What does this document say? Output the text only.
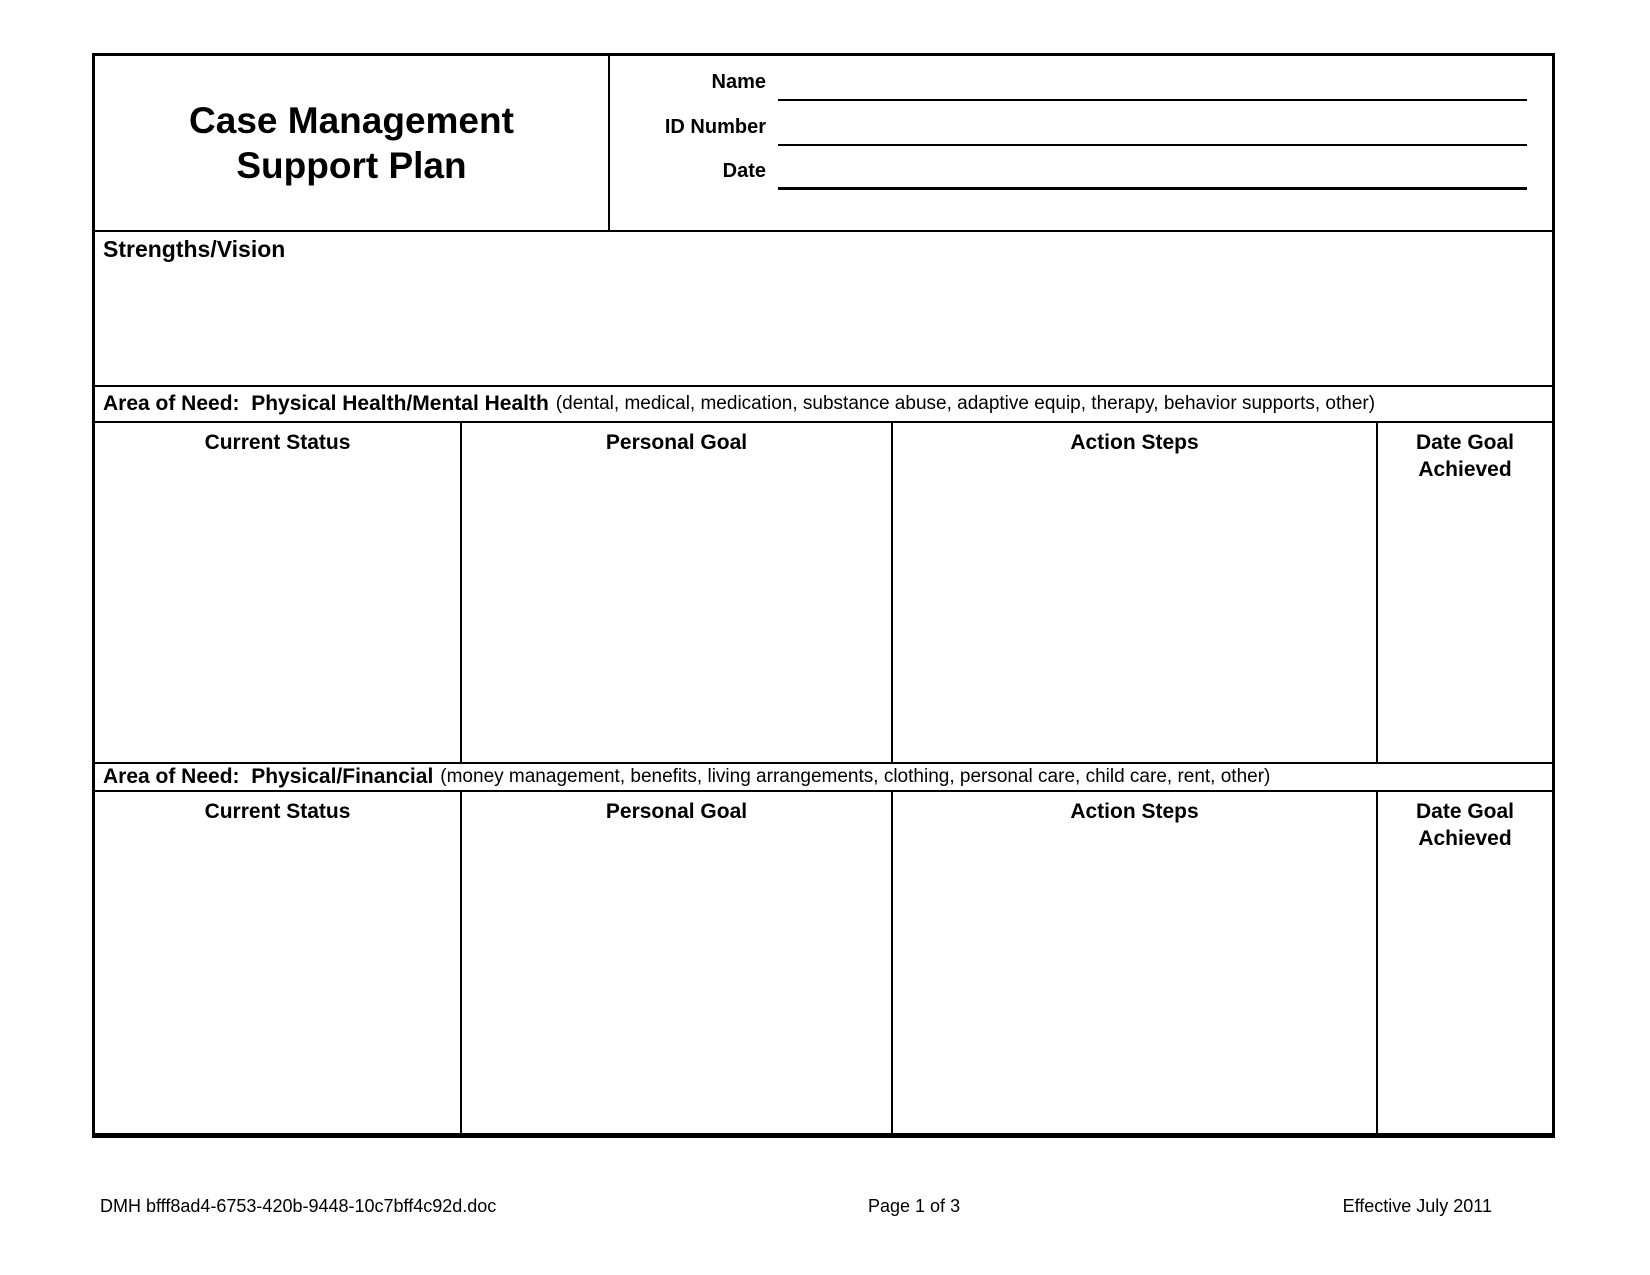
Case Management
Support Plan
Name
ID Number
Date
Strengths/Vision
Area of Need:  Physical Health/Mental Health (dental, medical, medication, substance abuse, adaptive equip, therapy, behavior supports, other)
Current Status	Personal Goal	Action Steps	Date Goal Achieved
Area of Need:  Physical/Financial (money management, benefits, living arrangements, clothing, personal care, child care, rent, other)
Current Status	Personal Goal	Action Steps	Date Goal Achieved
DMH bfff8ad4-6753-420b-9448-10c7bff4c92d.doc	Page 1 of 3	Effective July 2011
